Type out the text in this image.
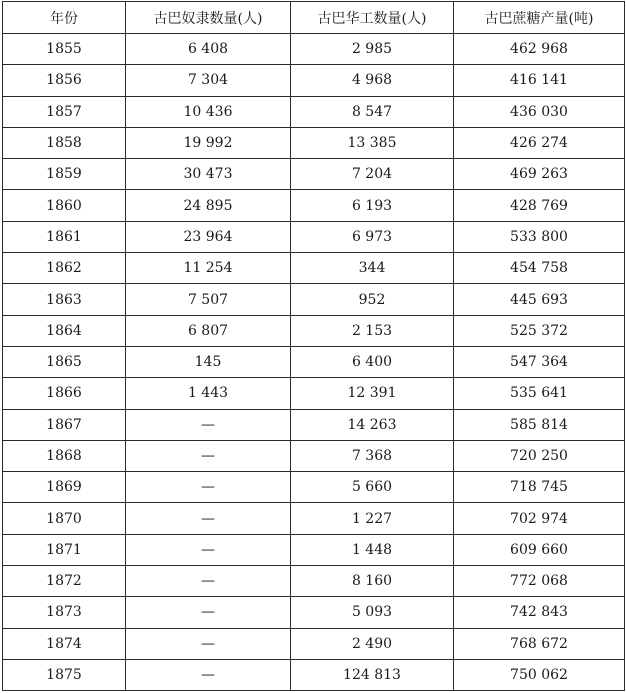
年份	古巴奴隶数量(人)	古巴华工数量(人)	古巴蔗糖产量(吨)
1855	6 408	2 985	462 968
1856	7 304	4 968	416 141
1857	10 436	8 547	436 030
1858	19 992	13 385	426 274
1859	30 473	7 204	469 263
1860	24 895	6 193	428 769
1861	23 964	6 973	533 800
1862	11 254	344	454 758
1863	7 507	952	445 693
1864	6 807	2 153	525 372
1865	145	6 400	547 364
1866	1 443	12 391	535 641
1867	—	14 263	585 814
1868	—	7 368	720 250
1869	—	5 660	718 745
1870	—	1 227	702 974
1871	—	1 448	609 660
1872	—	8 160	772 068
1873	—	5 093	742 843
1874	—	2 490	768 672
1875	—	124 813	750 062
